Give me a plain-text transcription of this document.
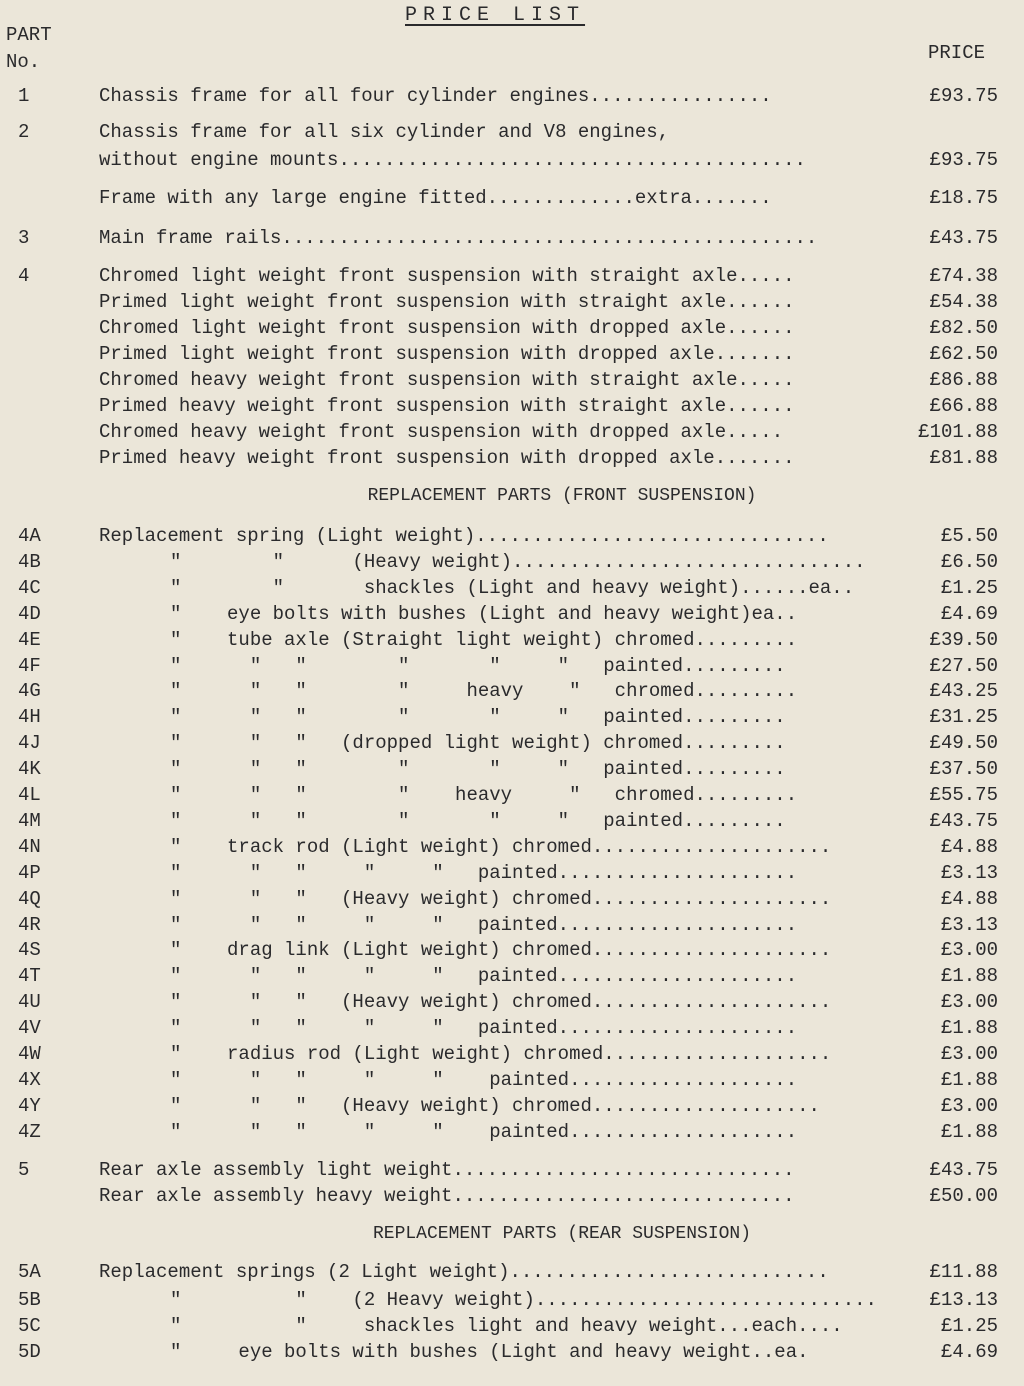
PRICE LIST
PART
No.	PRICE
1	Chassis frame for all four cylinder engines................	£93.75
2	Chassis frame for all six cylinder and V8 engines,
without engine mounts.........................................	£93.75
Frame with any large engine fitted.............extra.......	£18.75
3	Main frame rails...............................................	£43.75
4	Chromed light weight front suspension with straight axle.....	£74.38
Primed light weight front suspension with straight axle......	£54.38
Chromed light weight front suspension with dropped axle......	£82.50
Primed light weight front suspension with dropped axle.......	£62.50
Chromed heavy weight front suspension with straight axle.....	£86.88
Primed heavy weight front suspension with straight axle......	£66.88
Chromed heavy weight front suspension with dropped axle.....	£101.88
Primed heavy weight front suspension with dropped axle.......	£81.88
REPLACEMENT PARTS (FRONT SUSPENSION)
4A	Replacement spring (Light weight)...............................	£5.50
4B	"        "      (Heavy weight)...............................	£6.50
4C	"        "       shackles (Light and heavy weight)......ea..	£1.25
4D	"    eye bolts with bushes (Light and heavy weight)ea..	£4.69
4E	"    tube axle (Straight light weight) chromed.........	£39.50
4F	"      "   "        "       "     "   painted.........	£27.50
4G	"      "   "        "     heavy    "   chromed.........	£43.25
4H	"      "   "        "       "     "   painted.........	£31.25
4J	"      "   "   (dropped light weight) chromed.........	£49.50
4K	"      "   "        "       "     "   painted.........	£37.50
4L	"      "   "        "    heavy     "   chromed.........	£55.75
4M	"      "   "        "       "     "   painted.........	£43.75
4N	"    track rod (Light weight) chromed.....................	£4.88
4P	"      "   "     "     "   painted.....................	£3.13
4Q	"      "   "   (Heavy weight) chromed.....................	£4.88
4R	"      "   "     "     "   painted.....................	£3.13
4S	"    drag link (Light weight) chromed.....................	£3.00
4T	"      "   "     "     "   painted.....................	£1.88
4U	"      "   "   (Heavy weight) chromed.....................	£3.00
4V	"      "   "     "     "   painted.....................	£1.88
4W	"    radius rod (Light weight) chromed....................	£3.00
4X	"      "   "     "     "    painted....................	£1.88
4Y	"      "   "   (Heavy weight) chromed....................	£3.00
4Z	"      "   "     "     "    painted....................	£1.88
5	Rear axle assembly light weight..............................	£43.75
Rear axle assembly heavy weight..............................	£50.00
REPLACEMENT PARTS (REAR SUSPENSION)
5A	Replacement springs (2 Light weight)............................	£11.88
5B	"          "    (2 Heavy weight)..............................	£13.13
5C	"          "     shackles light and heavy weight...each....	£1.25
5D	"     eye bolts with bushes (Light and heavy weight..ea.	£4.69
